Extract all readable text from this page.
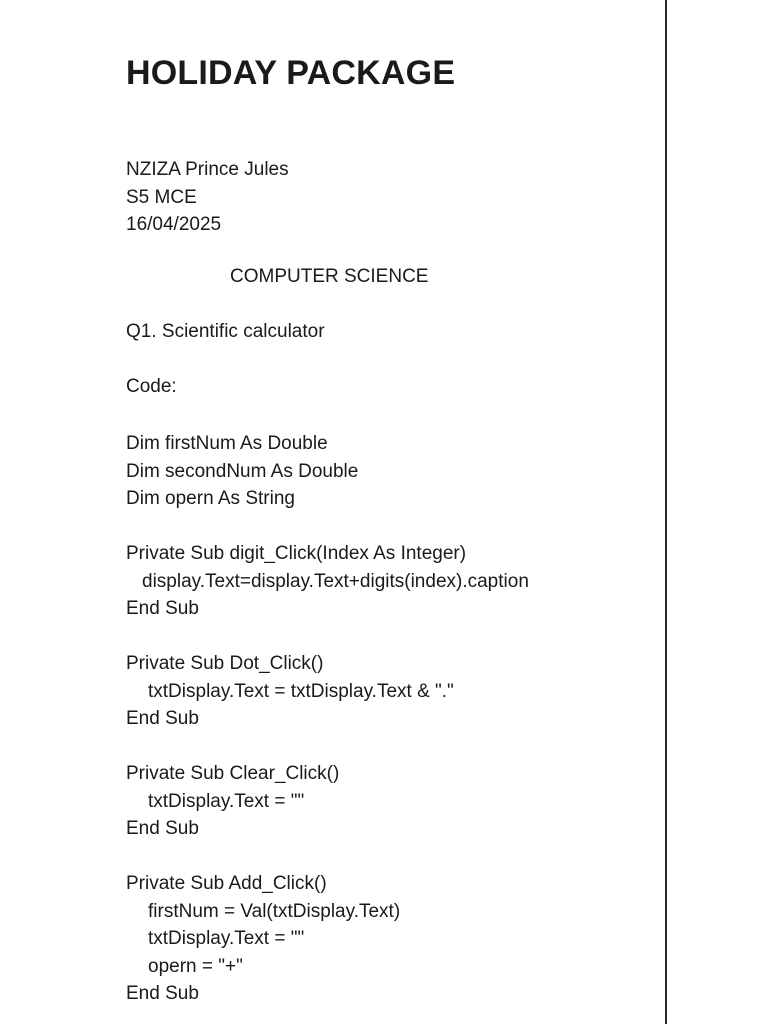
HOLIDAY PACKAGE
NZIZA Prince Jules
S5 MCE
16/04/2025
COMPUTER SCIENCE
Q1. Scientific calculator
Code:
Dim firstNum As Double
Dim secondNum As Double
Dim opern As String
Private Sub digit_Click(Index As Integer)
display.Text=display.Text+digits(index).caption
End Sub
Private Sub Dot_Click()
txtDisplay.Text = txtDisplay.Text & "."
End Sub
Private Sub Clear_Click()
txtDisplay.Text = ""
End Sub
Private Sub Add_Click()
firstNum = Val(txtDisplay.Text)
txtDisplay.Text = ""
opern = "+"
End Sub
